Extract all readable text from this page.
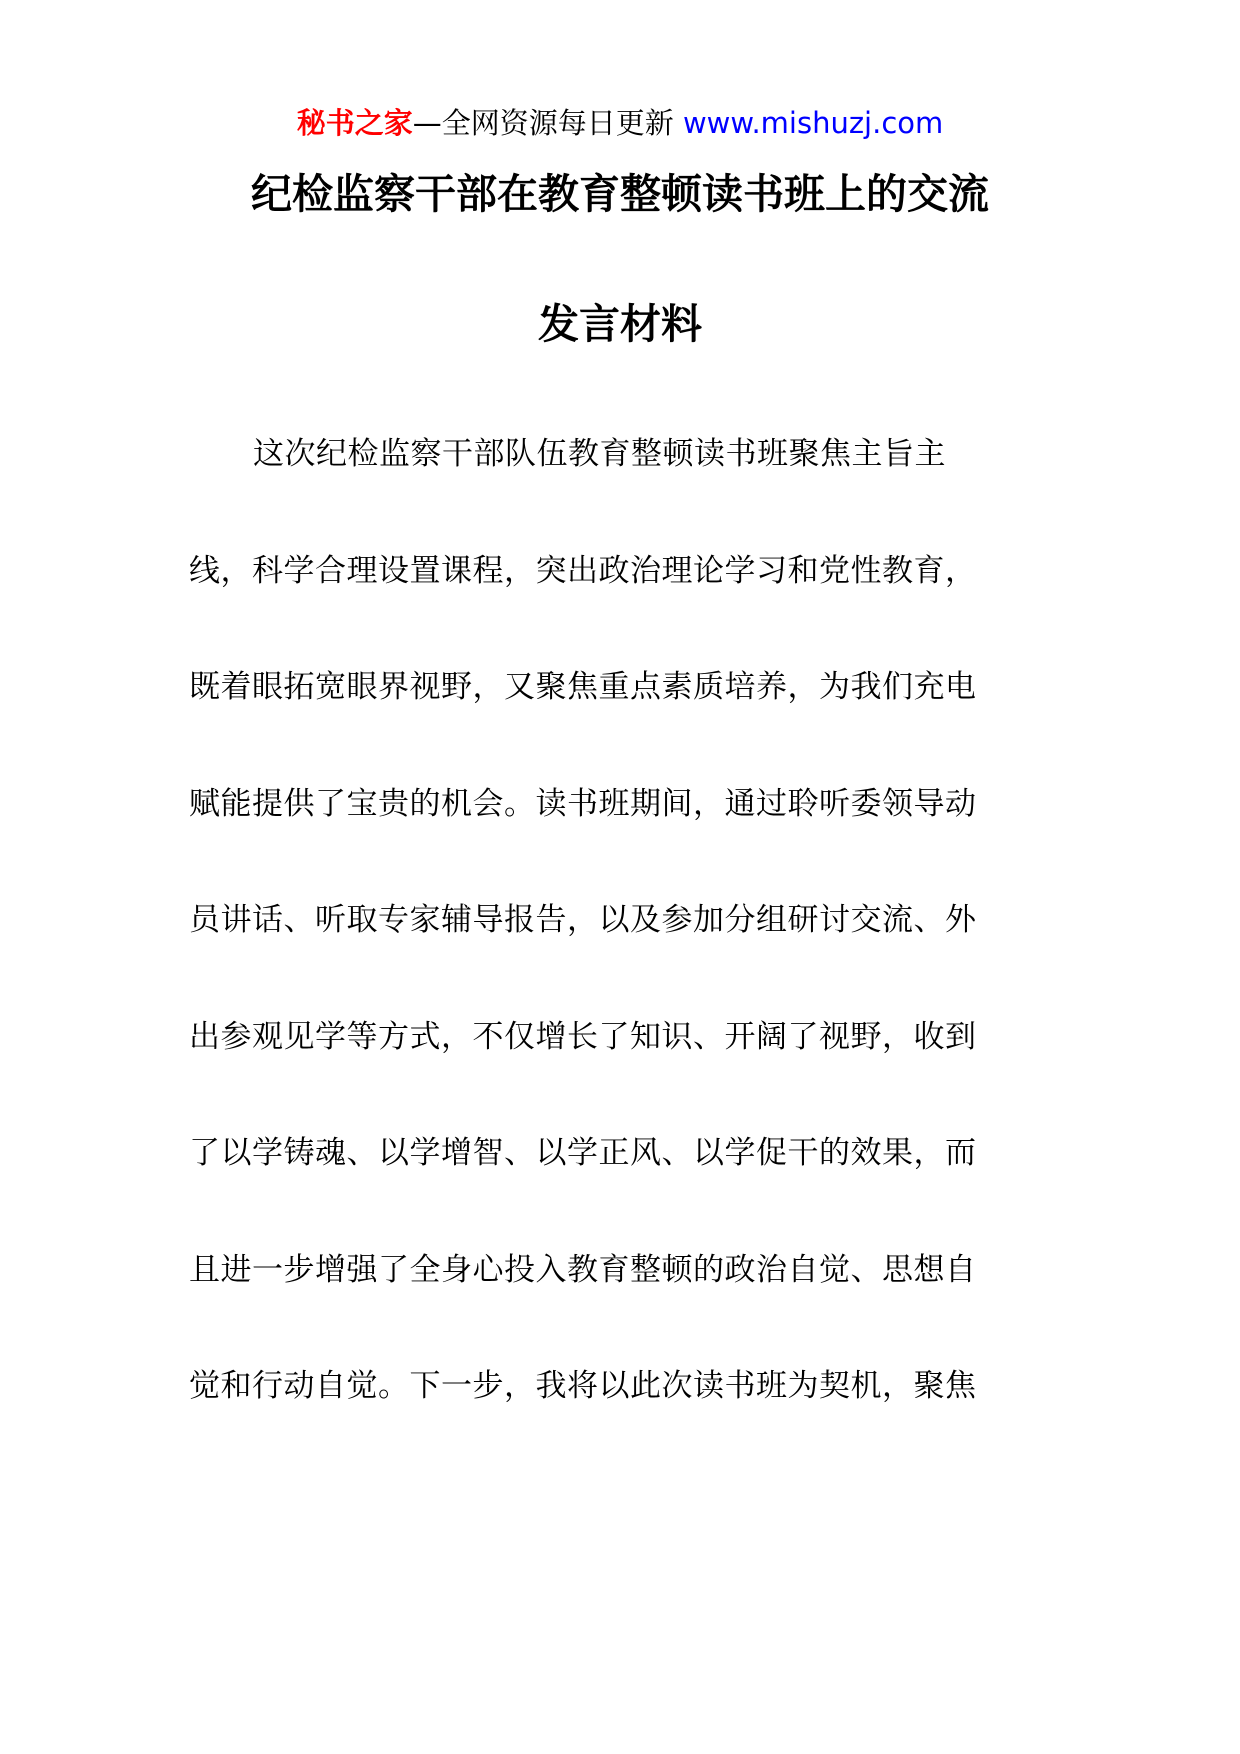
秘书之家—全网资源每日更新 www.mishuzj.com
纪检监察干部在教育整顿读书班上的交流
发言材料
这次纪检监察干部队伍教育整顿读书班聚焦主旨主
线，科学合理设置课程，突出政治理论学习和党性教育，
既着眼拓宽眼界视野，又聚焦重点素质培养，为我们充电
赋能提供了宝贵的机会。读书班期间，通过聆听委领导动
员讲话、听取专家辅导报告，以及参加分组研讨交流、外
出参观见学等方式，不仅增长了知识、开阔了视野，收到
了以学铸魂、以学增智、以学正风、以学促干的效果，而
且进一步增强了全身心投入教育整顿的政治自觉、思想自
觉和行动自觉。下一步，我将以此次读书班为契机，聚焦
